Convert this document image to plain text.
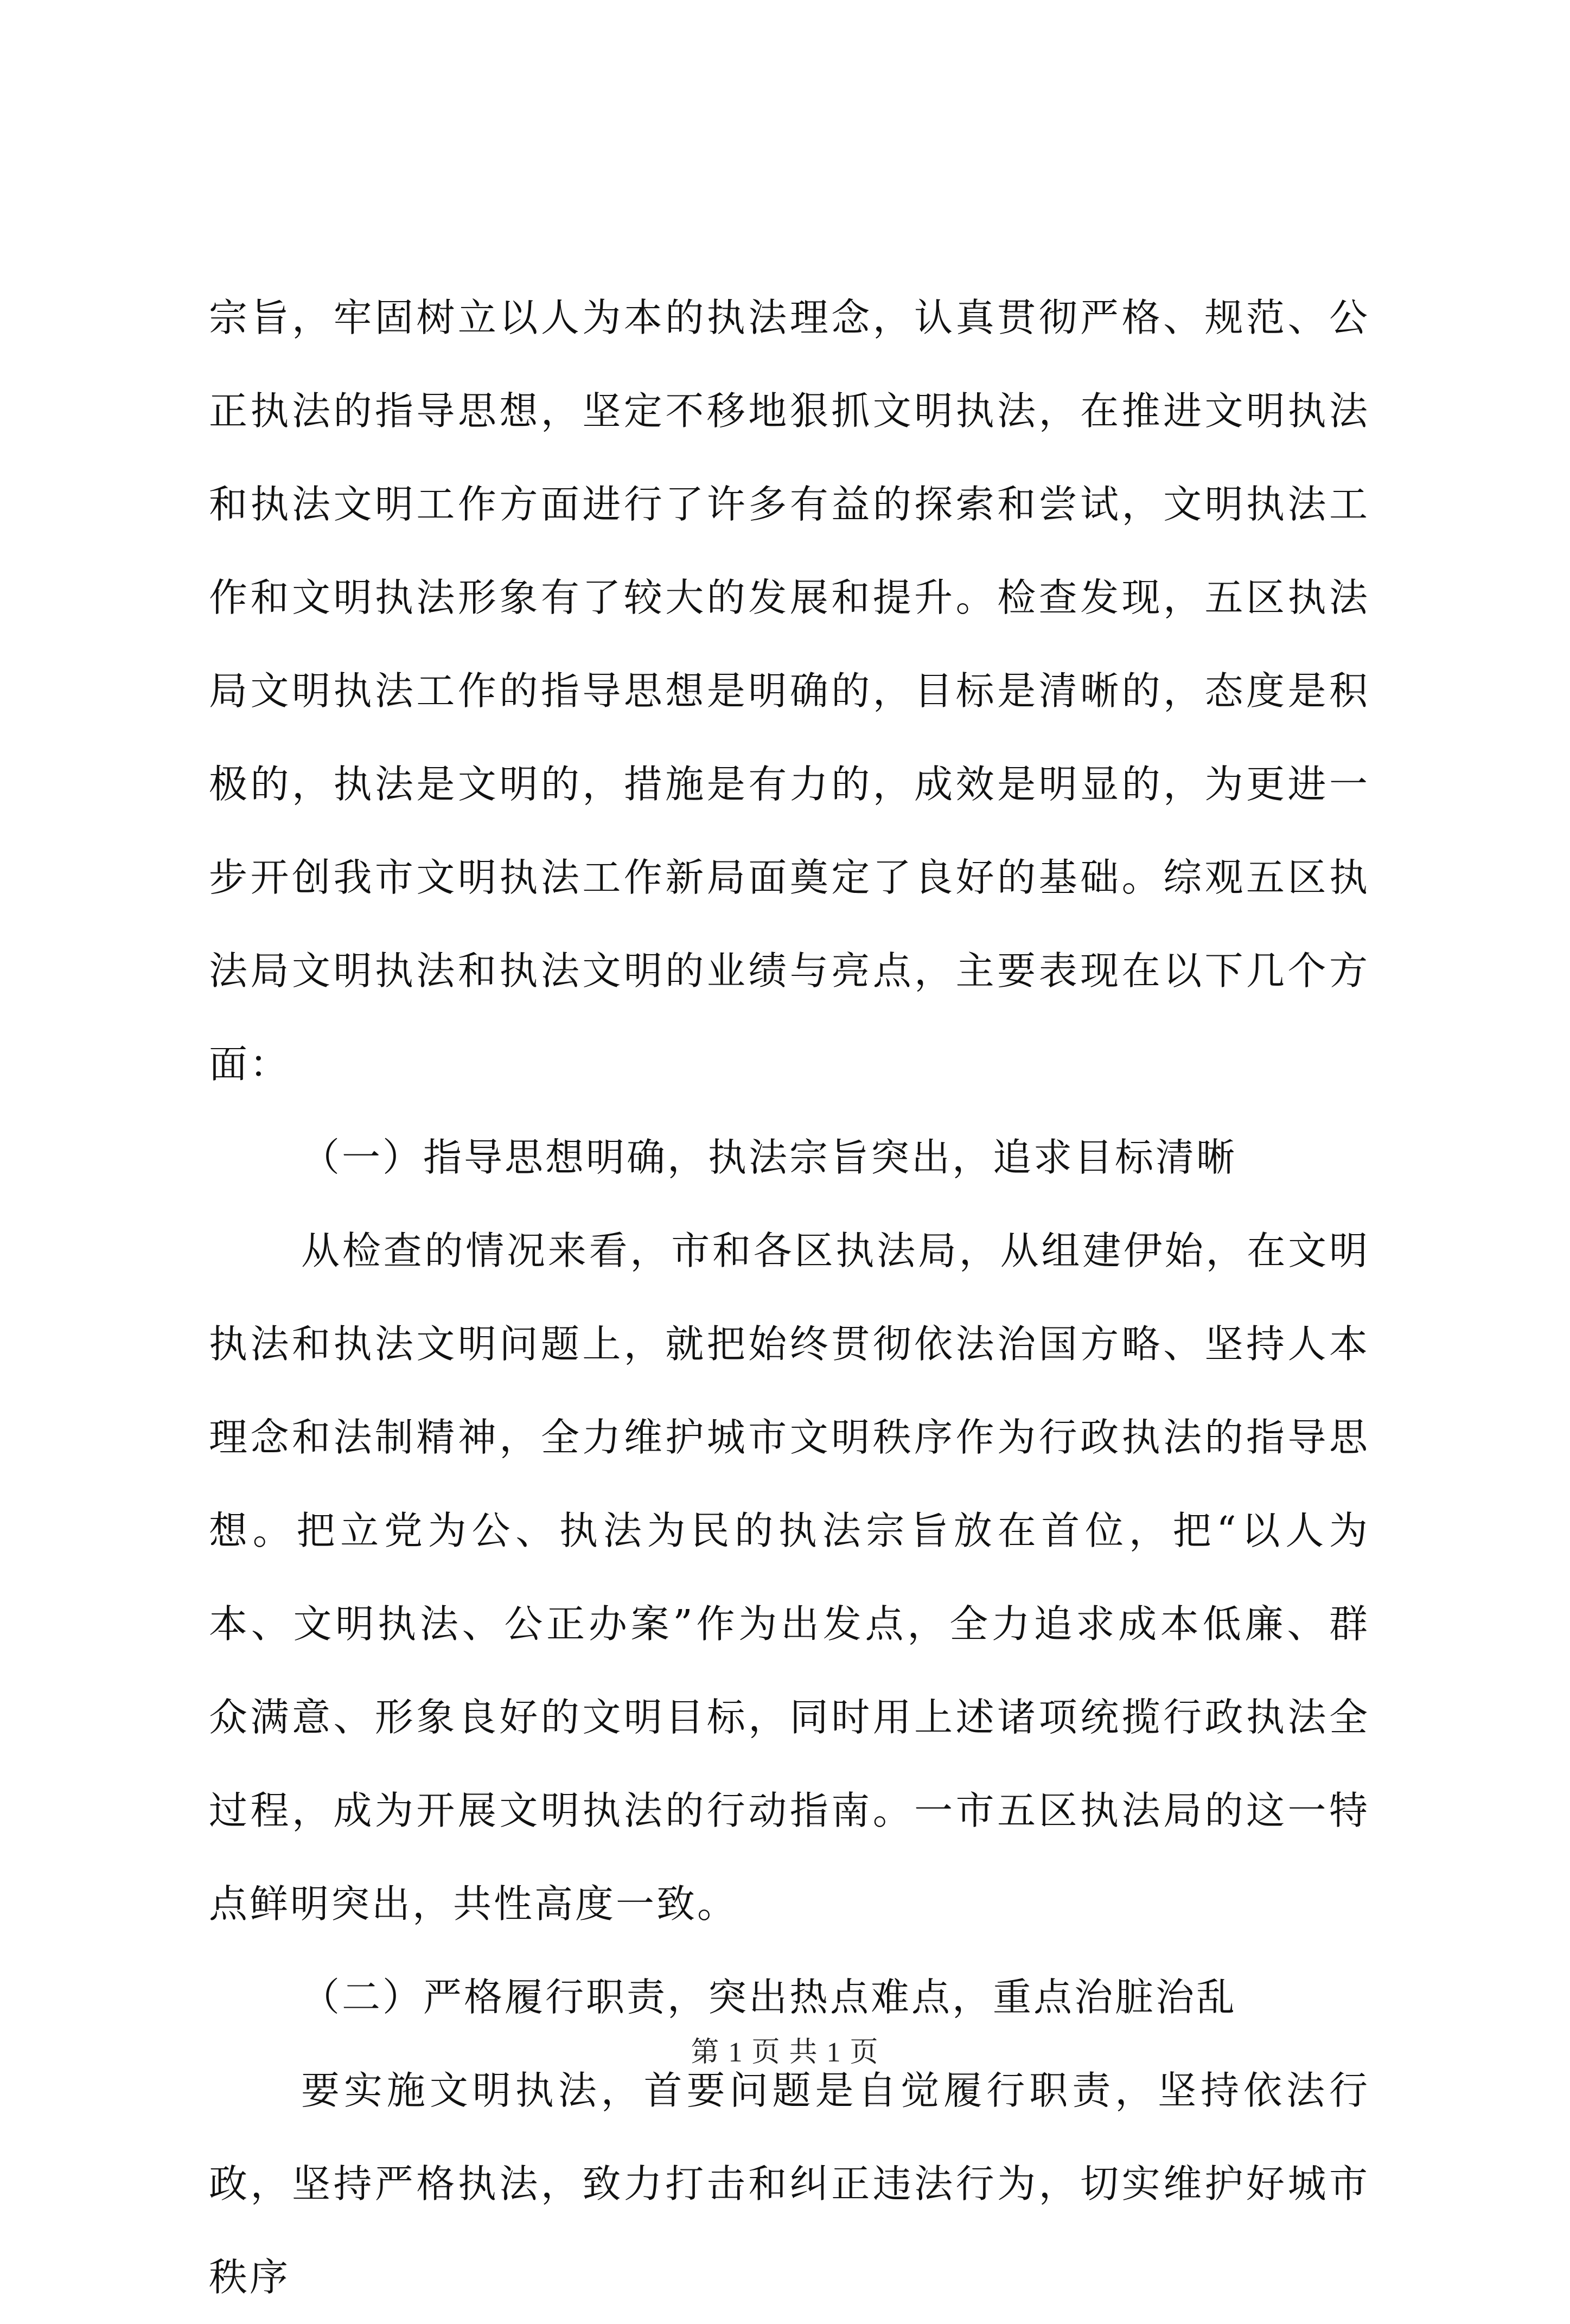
宗旨，牢固树立以人为本的执法理念，认真贯彻严格、规范、公正执法的指导思想，坚定不移地狠抓文明执法，在推进文明执法和执法文明工作方面进行了许多有益的探索和尝试，文明执法工作和文明执法形象有了较大的发展和提升。检查发现，五区执法局文明执法工作的指导思想是明确的，目标是清晰的，态度是积极的，执法是文明的，措施是有力的，成效是明显的，为更进一步开创我市文明执法工作新局面奠定了良好的基础。综观五区执法局文明执法和执法文明的业绩与亮点，主要表现在以下几个方面：

（一）指导思想明确，执法宗旨突出，追求目标清晰

从检查的情况来看，市和各区执法局，从组建伊始，在文明执法和执法文明问题上，就把始终贯彻依法治国方略、坚持人本理念和法制精神，全力维护城市文明秩序作为行政执法的指导思想。把立党为公、执法为民的执法宗旨放在首位，把“以人为本、文明执法、公正办案”作为出发点，全力追求成本低廉、群众满意、形象良好的文明目标，同时用上述诸项统揽行政执法全过程，成为开展文明执法的行动指南。一市五区执法局的这一特点鲜明突出，共性高度一致。

（二）严格履行职责，突出热点难点，重点治脏治乱

要实施文明执法，首要问题是自觉履行职责，坚持依法行政，坚持严格执法，致力打击和纠正违法行为，切实维护好城市秩序

第 1 页 共 1 页
